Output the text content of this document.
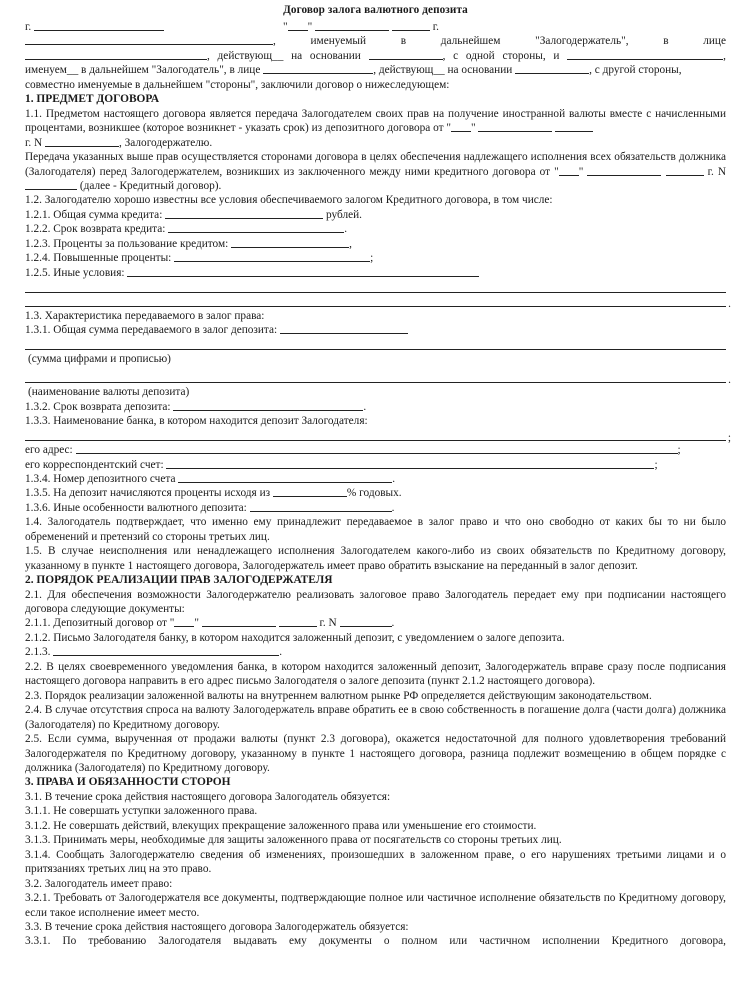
Договор залога валютного депозита
г.	" "	г.
, именуемый в дальнейшем "Залогодержатель", в лице
, действующ__ на основании	, с одной стороны, и	,
именуем__ в дальнейшем "Залогодатель", в лице	, действующ__ на основании	, с другой стороны,
совместно именуемые в дальнейшем "стороны", заключили договор о нижеследующем:
1. ПРЕДМЕТ ДОГОВОРА
1.1. Предметом настоящего договора является передача Залогодателем своих прав на получение иностранной валюты вместе с начисленными процентами, возникшее (которое возникнет - указать срок) из депозитного договора от " "
г. N	, Залогодержателю.
Передача указанных выше прав осуществляется сторонами договора в целях обеспечения надлежащего исполнения всех обязательств должника (Залогодателя) перед Залогодержателем, возникших из заключенного между ними кредитного договора от " "	г. N  (далее - Кредитный договор).
1.2. Залогодателю хорошо известны все условия обеспечиваемого залогом Кредитного договора, в том числе:
1.2.1. Общая сумма кредита:	рублей.
1.2.2. Срок возврата кредита:	.
1.2.3. Проценты за пользование кредитом:	,
1.2.4. Повышенные проценты:	;
1.2.5. Иные условия:
.
1.3. Характеристика передаваемого в залог права:
1.3.1. Общая сумма передаваемого в залог депозита:
(сумма цифрами и прописью)
.
(наименование валюты депозита)
1.3.2. Срок возврата депозита:	.
1.3.3. Наименование банка, в котором находится депозит Залогодателя:
;
его адрес:	;
его корреспондентский счет:	;
1.3.4. Номер депозитного счета	.
1.3.5. На депозит начисляются проценты исходя из	% годовых.
1.3.6. Иные особенности валютного депозита:	.
1.4. Залогодатель подтверждает, что именно ему принадлежит передаваемое в залог право и что оно свободно от каких бы то ни было обременений и претензий со стороны третьих лиц.
1.5. В случае неисполнения или ненадлежащего исполнения Залогодателем какого-либо из своих обязательств по Кредитному договору, указанному в пункте 1 настоящего договора, Залогодержатель имеет право обратить взыскание на переданный в залог депозит.
2. ПОРЯДОК РЕАЛИЗАЦИИ ПРАВ ЗАЛОГОДЕРЖАТЕЛЯ
2.1. Для обеспечения возможности Залогодержателю реализовать залоговое право Залогодатель передает ему при подписании настоящего договора следующие документы:
2.1.1. Депозитный договор от " "	г. N	.
2.1.2. Письмо Залогодателя банку, в котором находится заложенный депозит, с уведомлением о залоге депозита.
2.1.3.	.
2.2. В целях своевременного уведомления банка, в котором находится заложенный депозит, Залогодержатель вправе сразу после подписания настоящего договора направить в его адрес письмо Залогодателя о залоге депозита (пункт 2.1.2 настоящего договора).
2.3. Порядок реализации заложенной валюты на внутреннем валютном рынке РФ определяется действующим законодательством.
2.4. В случае отсутствия спроса на валюту Залогодержатель вправе обратить ее в свою собственность в погашение долга (части долга) должника (Залогодателя) по Кредитному договору.
2.5. Если сумма, вырученная от продажи валюты (пункт 2.3 договора), окажется недостаточной для полного удовлетворения требований Залогодержателя по Кредитному договору, указанному в пункте 1 настоящего договора, разница подлежит возмещению в общем порядке с должника (Залогодателя) по Кредитному договору.
3. ПРАВА И ОБЯЗАННОСТИ СТОРОН
3.1. В течение срока действия настоящего договора Залогодатель обязуется:
3.1.1. Не совершать уступки заложенного права.
3.1.2. Не совершать действий, влекущих прекращение заложенного права или уменьшение его стоимости.
3.1.3. Принимать меры, необходимые для защиты заложенного права от посягательств со стороны третьих лиц.
3.1.4. Сообщать Залогодержателю сведения об изменениях, произошедших в заложенном праве, о его нарушениях третьими лицами и о притязаниях третьих лиц на это право.
3.2. Залогодатель имеет право:
3.2.1. Требовать от Залогодержателя все документы, подтверждающие полное или частичное исполнение обязательств по Кредитному договору, если такое исполнение имеет место.
3.3. В течение срока действия настоящего договора Залогодержатель обязуется:
3.3.1. По требованию Залогодателя выдавать ему документы о полном или частичном исполнении Кредитного договора,
